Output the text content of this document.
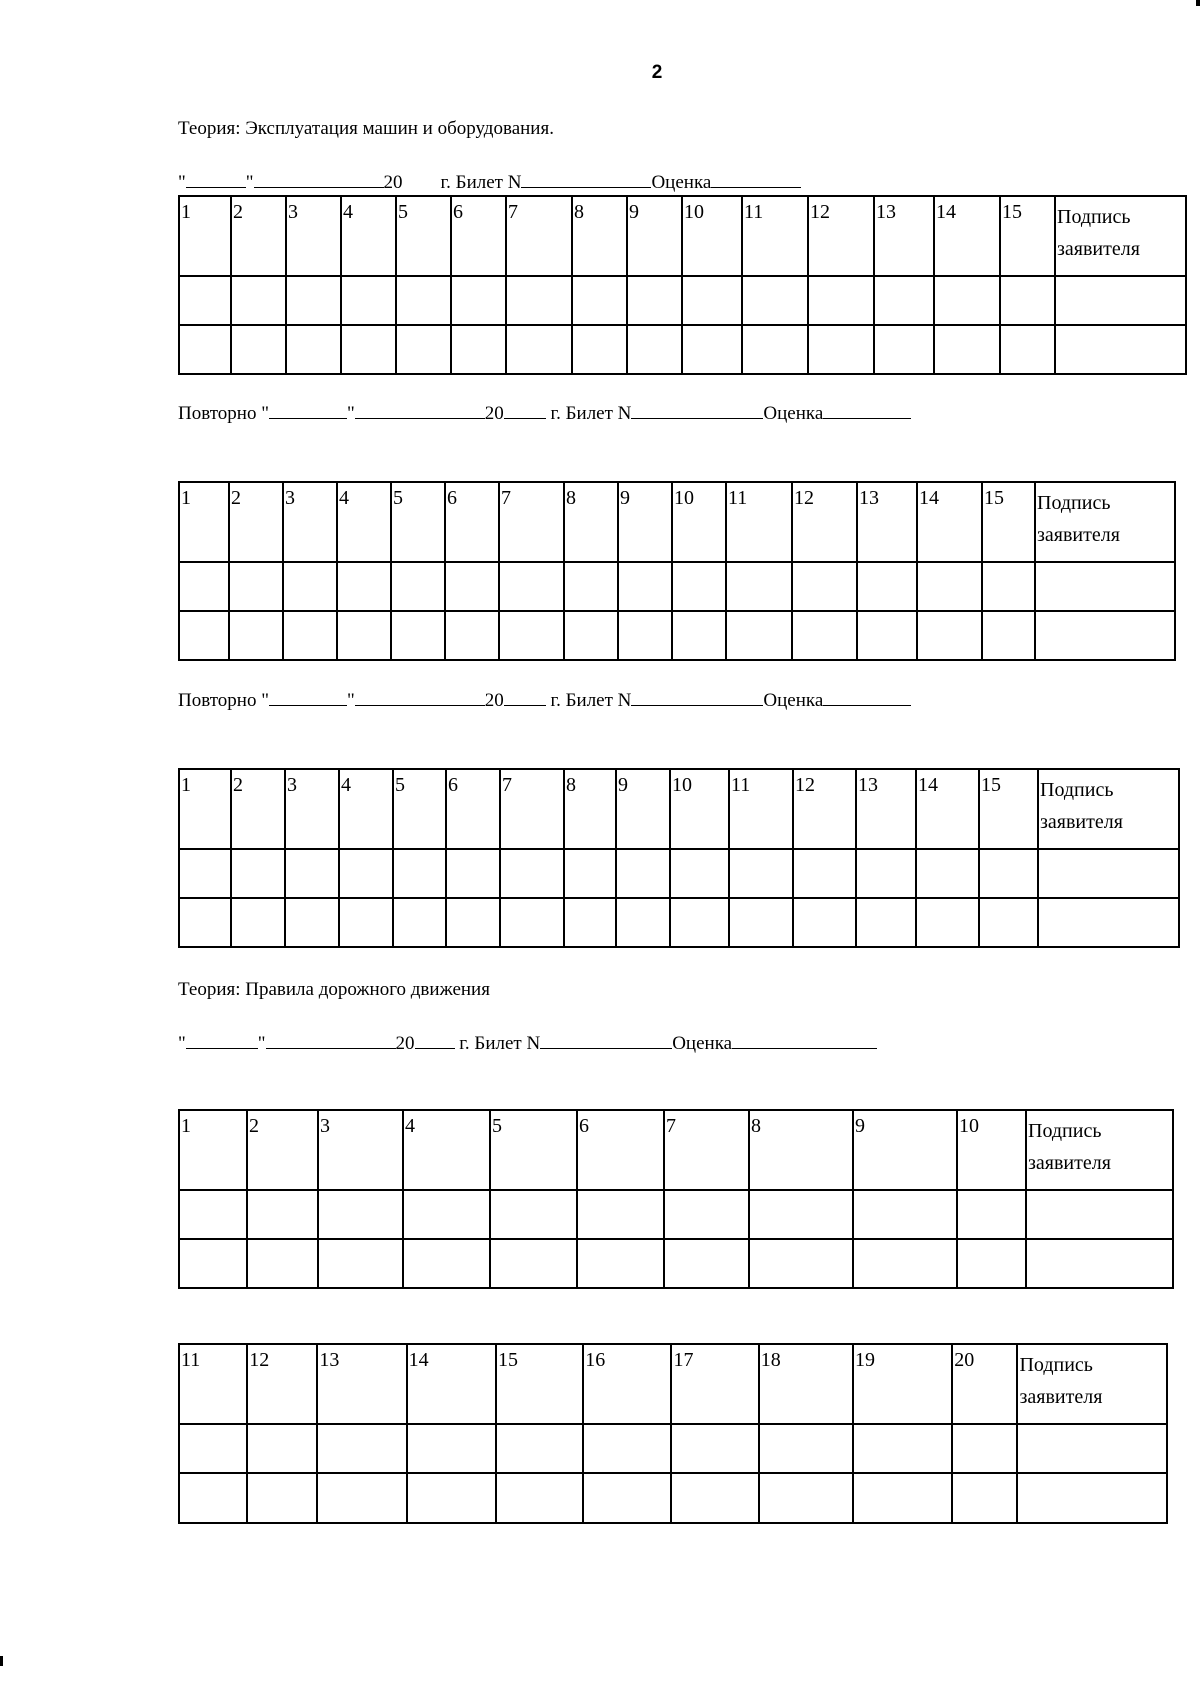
2
Теория: Эксплуатация машин и оборудования.
"	"	20 г. Билет N	Оценка
1	2	3	4	5	6	7	8	9	10	11	12	13	14	15	Подпись
заявителя

Повторно "	"	20
г. Билет N	Оценка
1	2	3	4	5	6	7	8	9	10	11	12	13	14	15	Подпись
заявителя

Повторно "	"	20
г. Билет N	Оценка
1	2	3	4	5	6	7	8	9	10	11	12	13	14	15	Подпись
заявителя

Теория: Правила дорожного движения
"	"	20
г. Билет N	Оценка
1	2	3	4	5	6	7	8	9	10	Подпись
заявителя

11	12	13	14	15	16	17	18	19	20	Подпись
заявителя
